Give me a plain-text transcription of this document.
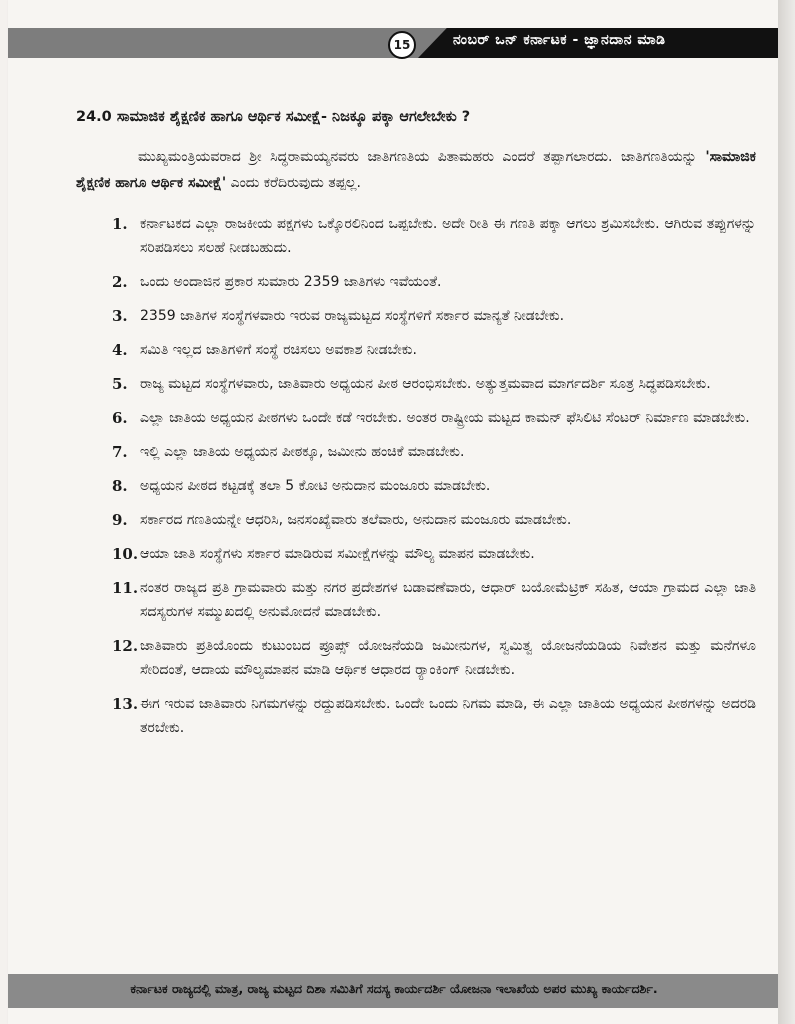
15	ನಂಬರ್ ಒನ್ ಕರ್ನಾಟಕ - ಜ್ಞಾನದಾನ ಮಾಡಿ
24.0 ಸಾಮಾಜಿಕ ಶೈಕ್ಷಣಿಕ ಹಾಗೂ ಆರ್ಥಿಕ ಸಮೀಕ್ಷೆ- ನಿಜಕ್ಕೂ ಪಕ್ಕಾ ಆಗಲೇಬೇಕು ?

ಮುಖ್ಯಮಂತ್ರಿಯವರಾದ ಶ್ರೀ ಸಿದ್ಧರಾಮಯ್ಯನವರು ಜಾತಿಗಣತಿಯ ಪಿತಾಮಹರು ಎಂದರೆ ತಪ್ಪಾಗಲಾರದು. ಜಾತಿಗಣತಿಯನ್ನು 'ಸಾಮಾಜಿಕ ಶೈಕ್ಷಣಿಕ ಹಾಗೂ ಆರ್ಥಿಕ ಸಮೀಕ್ಷೆ' ಎಂದು ಕರೆದಿರುವುದು ತಪ್ಪಲ್ಲ.

1. ಕರ್ನಾಟಕದ ಎಲ್ಲಾ ರಾಜಕೀಯ ಪಕ್ಷಗಳು ಒಕ್ಕೊರಲಿನಿಂದ ಒಪ್ಪಬೇಕು. ಅದೇ ರೀತಿ ಈ ಗಣತಿ ಪಕ್ಕಾ ಆಗಲು ಶ್ರಮಿಸಬೇಕು. ಆಗಿರುವ ತಪ್ಪುಗಳನ್ನು ಸರಿಪಡಿಸಲು ಸಲಹೆ ನೀಡಬಹುದು.
2. ಒಂದು ಅಂದಾಜಿನ ಪ್ರಕಾರ ಸುಮಾರು 2359 ಜಾತಿಗಳು ಇವೆಯಂತೆ.
3. 2359 ಜಾತಿಗಳ ಸಂಸ್ಥೆಗಳವಾರು ಇರುವ ರಾಜ್ಯಮಟ್ಟದ ಸಂಸ್ಥೆಗಳಿಗೆ ಸರ್ಕಾರ ಮಾನ್ಯತೆ ನೀಡಬೇಕು.
4. ಸಮಿತಿ ಇಲ್ಲದ ಜಾತಿಗಳಿಗೆ ಸಂಸ್ಥೆ ರಚಿಸಲು ಅವಕಾಶ ನೀಡಬೇಕು.
5. ರಾಜ್ಯ ಮಟ್ಟದ ಸಂಸ್ಥೆಗಳವಾರು, ಜಾತಿವಾರು ಅಧ್ಯಯನ ಪೀಠ ಆರಂಭಿಸಬೇಕು. ಅತ್ಯುತ್ತಮವಾದ ಮಾರ್ಗದರ್ಶಿ ಸೂತ್ರ ಸಿದ್ಧಪಡಿಸಬೇಕು.
6. ಎಲ್ಲಾ ಜಾತಿಯ ಅಧ್ಯಯನ ಪೀಠಗಳು ಒಂದೇ ಕಡೆ ಇರಬೇಕು. ಅಂತರ ರಾಷ್ಟ್ರೀಯ ಮಟ್ಟದ ಕಾಮನ್ ಫೆಸಿಲಿಟಿ ಸೆಂಟರ್ ನಿರ್ಮಾಣ ಮಾಡಬೇಕು.
7. ಇಲ್ಲಿ ಎಲ್ಲಾ ಜಾತಿಯ ಅಧ್ಯಯನ ಪೀಠಕ್ಕೂ, ಜಮೀನು ಹಂಚಿಕೆ ಮಾಡಬೇಕು.
8. ಅಧ್ಯಯನ ಪೀಠದ ಕಟ್ಟಡಕ್ಕೆ ತಲಾ 5 ಕೋಟಿ ಅನುದಾನ ಮಂಜೂರು ಮಾಡಬೇಕು.
9. ಸರ್ಕಾರದ ಗಣತಿಯನ್ನೇ ಆಧರಿಸಿ, ಜನಸಂಖ್ಯೆವಾರು ತಲೆವಾರು, ಅನುದಾನ ಮಂಜೂರು ಮಾಡಬೇಕು.
10. ಆಯಾ ಜಾತಿ ಸಂಸ್ಥೆಗಳು ಸರ್ಕಾರ ಮಾಡಿರುವ ಸಮೀಕ್ಷೆಗಳನ್ನು ಮೌಲ್ಯ ಮಾಪನ ಮಾಡಬೇಕು.
11. ನಂತರ ರಾಜ್ಯದ ಪ್ರತಿ ಗ್ರಾಮವಾರು ಮತ್ತು ನಗರ ಪ್ರದೇಶಗಳ ಬಡಾವಣೆವಾರು, ಆಧಾರ್ ಬಯೋಮೆಟ್ರಿಕ್ ಸಹಿತ, ಆಯಾ ಗ್ರಾಮದ ಎಲ್ಲಾ ಜಾತಿ ಸದಸ್ಯರುಗಳ ಸಮ್ಮುಖದಲ್ಲಿ ಅನುಮೋದನೆ ಮಾಡಬೇಕು.
12. ಜಾತಿವಾರು ಪ್ರತಿಯೊಂದು ಕುಟುಂಬದ ಪ್ರೂಪ್ಸ್ ಯೋಜನೆಯಡಿ ಜಮೀನುಗಳ, ಸ್ವಮಿತ್ವ ಯೋಜನೆಯಡಿಯ ನಿವೇಶನ ಮತ್ತು ಮನೆಗಳೂ ಸೇರಿದಂತೆ, ಆದಾಯ ಮೌಲ್ಯಮಾಪನ ಮಾಡಿ ಆರ್ಥಿಕ ಆಧಾರದ ರ್‍ಯಾಂಕಿಂಗ್ ನೀಡಬೇಕು.
13. ಈಗ ಇರುವ ಜಾತಿವಾರು ನಿಗಮಗಳನ್ನು ರದ್ದುಪಡಿಸಬೇಕು. ಒಂದೇ ಒಂದು ನಿಗಮ ಮಾಡಿ, ಈ ಎಲ್ಲಾ ಜಾತಿಯ ಅಧ್ಯಯನ ಪೀಠಗಳನ್ನು ಅದರಡಿ ತರಬೇಕು.
ಕರ್ನಾಟಕ ರಾಜ್ಯದಲ್ಲಿ ಮಾತ್ರ, ರಾಜ್ಯ ಮಟ್ಟದ ದಿಶಾ ಸಮಿತಿಗೆ ಸದಸ್ಯ ಕಾರ್ಯದರ್ಶಿ ಯೋಜನಾ ಇಲಾಖೆಯ ಅಪರ ಮುಖ್ಯ ಕಾರ್ಯದರ್ಶಿ.
